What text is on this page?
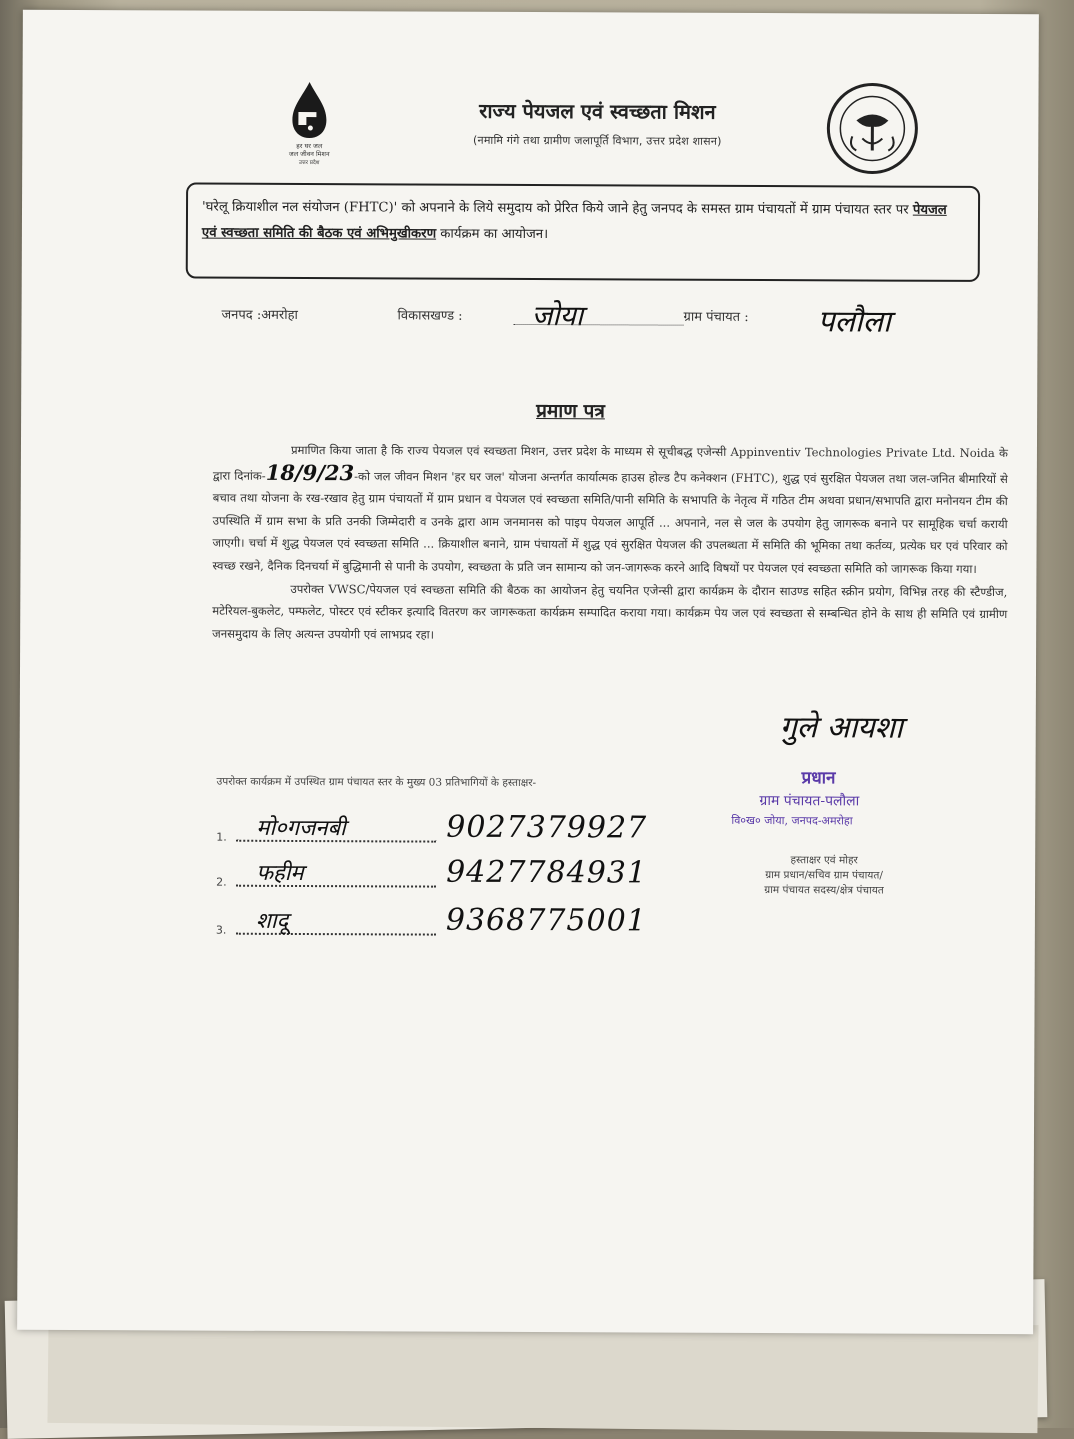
हर घर जल
जल जीवन मिशन
उत्तर प्रदेश
राज्य पेयजल एवं स्वच्छता मिशन
(नमामि गंगे तथा ग्रामीण जलापूर्ति विभाग, उत्तर प्रदेश शासन)
'घरेलू क्रियाशील नल संयोजन (FHTC)' को अपनाने के लिये समुदाय को प्रेरित किये जाने हेतु जनपद के समस्त ग्राम पंचायतों में ग्राम पंचायत स्तर पर पेयजल एवं स्वच्छता समिति की बैठक एवं अभिमुखीकरण कार्यक्रम का आयोजन।
जनपद :अमरोहा	विकासखण्ड : जोया	ग्राम पंचायत : पलौला
प्रमाण पत्र

प्रमाणित किया जाता है कि राज्य पेयजल एवं स्वच्छता मिशन, उत्तर प्रदेश के माध्यम से सूचीबद्ध एजेन्सी Appinventiv Technologies Private Ltd. Noida के द्वारा दिनांक-18/9/23-को जल जीवन मिशन 'हर घर जल' योजना अन्तर्गत कार्यात्मक हाउस होल्ड टैप कनेक्शन (FHTC), शुद्ध एवं सुरक्षित पेयजल तथा जल-जनित बीमारियों से बचाव तथा योजना के रख-रखाव हेतु ग्राम पंचायतों में ग्राम प्रधान व पेयजल एवं स्वच्छता समिति/पानी समिति के सभापति के नेतृत्व में गठित टीम अथवा प्रधान/सभापति द्वारा मनोनयन टीम की उपस्थिति में ग्राम सभा के प्रति उनकी जिम्मेदारी व उनके द्वारा आम जनमानस को पाइप पेयजल आपूर्ति ... अपनाने, नल से जल के उपयोग हेतु जागरूक बनाने पर सामूहिक चर्चा करायी जाएगी। चर्चा में शुद्ध पेयजल एवं स्वच्छता समिति ... क्रियाशील बनाने, ग्राम पंचायतों में शुद्ध एवं सुरक्षित पेयजल की उपलब्धता में समिति की भूमिका तथा कर्तव्य, प्रत्येक घर एवं परिवार को स्वच्छ रखने, दैनिक दिनचर्या में बुद्धिमानी से पानी के उपयोग, स्वच्छता के प्रति जन सामान्य को जन-जागरूक करने आदि विषयों पर पेयजल एवं स्वच्छता समिति को जागरूक किया गया।

उपरोक्त VWSC/पेयजल एवं स्वच्छता समिति की बैठक का आयोजन हेतु चयनित एजेन्सी द्वारा कार्यक्रम के दौरान साउण्ड सहित स्क्रीन प्रयोग, विभिन्न तरह की स्टैण्डीज, मटेरियल-बुकलेट, पम्फलेट, पोस्टर एवं स्टीकर इत्यादि वितरण कर जागरूकता कार्यक्रम सम्पादित कराया गया। कार्यक्रम पेय जल एवं स्वच्छता से सम्बन्धित होने के साथ ही समिति एवं ग्रामीण जनसमुदाय के लिए अत्यन्त उपयोगी एवं लाभप्रद रहा।

उपरोक्त कार्यक्रम में उपस्थित ग्राम पंचायत स्तर के मुख्य 03 प्रतिभागियों के हस्ताक्षर-
1. मो०गजनबी	9027379927
2. फहीम	9427784931
3. शादू	9368775001
गुले आयशा
प्रधान
ग्राम पंचायत-पलौला
वि०ख० जोया, जनपद-अमरोहा
हस्ताक्षर एवं मोहर
ग्राम प्रधान/सचिव ग्राम पंचायत/
ग्राम पंचायत सदस्य/क्षेत्र पंचायत
